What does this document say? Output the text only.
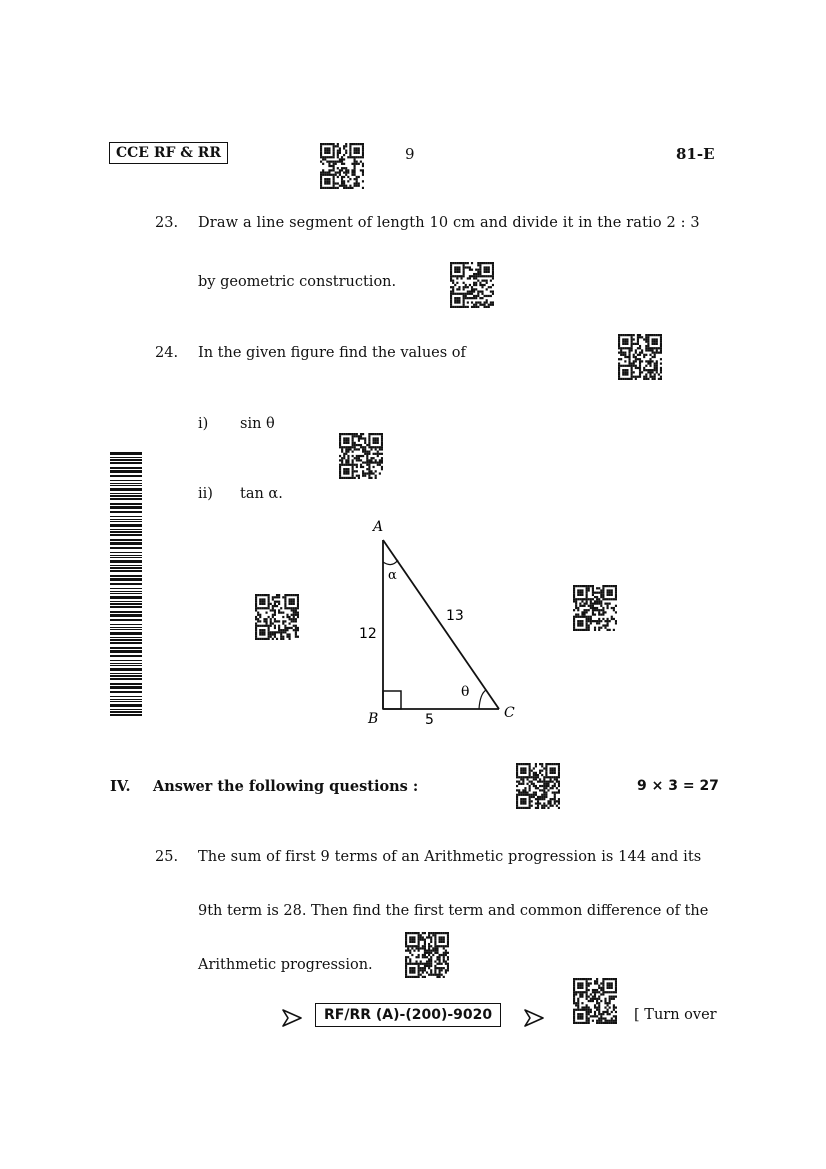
CCE RF & RR	9	81-E
23. Draw a line segment of length 10 cm and divide it in the ratio 2 : 3
by geometric construction.
24. In the given figure find the values of
i) sin θ
ii) tan α.
A
B	C
12
5
13
α
θ
IV. Answer the following questions :	9 × 3 = 27
25. The sum of first 9 terms of an Arithmetic progression is 144 and its
9th term is 28. Then find the first term and common difference of the
Arithmetic progression.
RF/RR (A)-(200)-9020	[ Turn over
